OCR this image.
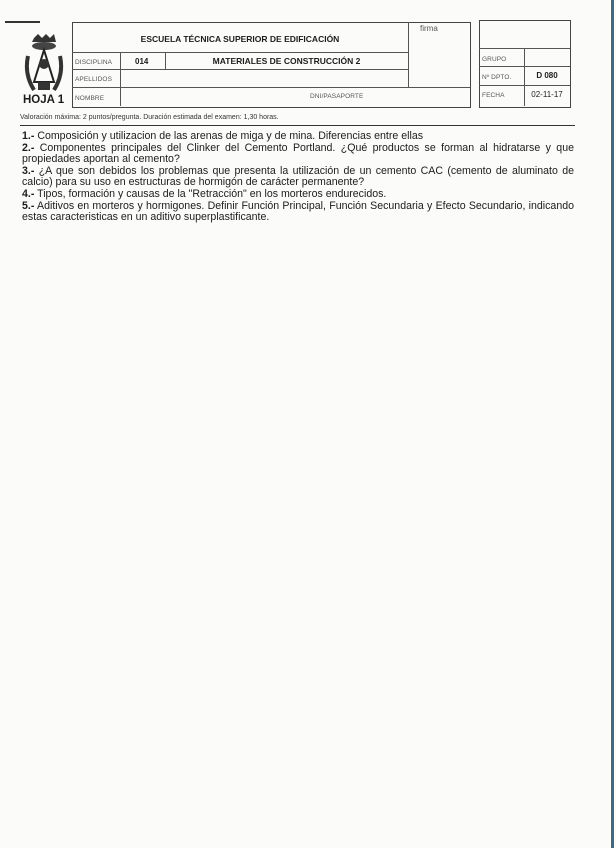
HOJA 1
ESCUELA TÉCNICA SUPERIOR DE EDIFICACIÓN
firma
DISCIPLINA	014	MATERIALES DE CONSTRUCCIÓN 2
APELLIDOS
NOMBRE	DNI/PASAPORTE
GRUPO
Nº DPTO.	D 080
FECHA	02-11-17
Valoración máxima: 2 puntos/pregunta. Duración estimada del examen: 1,30 horas.

1.- Composición y utilizacion de las arenas de miga y de mina. Diferencias entre ellas

2.- Componentes principales del Clinker del Cemento Portland. ¿Qué productos se forman al hidratarse y que propiedades aportan al cemento?

3.- ¿A que son debidos los problemas que presenta la utilización de un cemento CAC (cemento de aluminato de calcio) para su uso en estructuras de hormigón de carácter permanente?

4.- Tipos, formación y causas de la "Retracción" en los morteros endurecidos.

5.- Aditivos en morteros y hormigones. Definir Función Principal, Función Secundaria y Efecto Secundario, indicando estas caracteristicas en un aditivo superplastificante.
